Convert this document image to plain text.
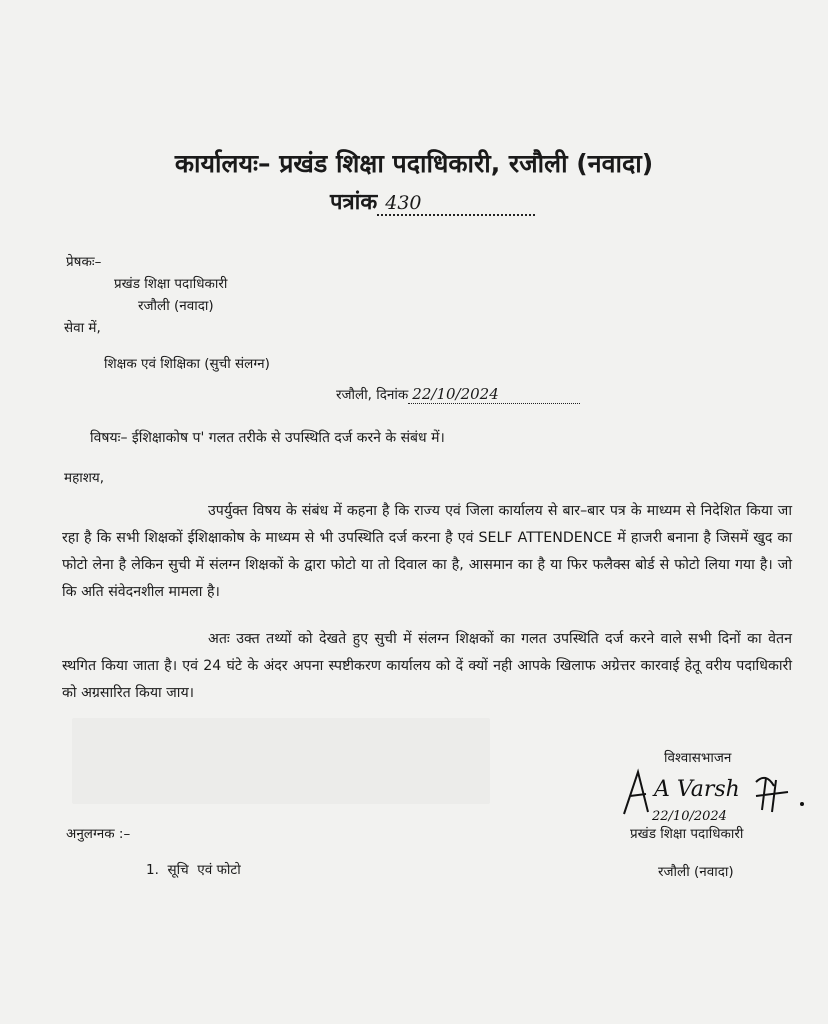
कार्यालयः– प्रखंड शिक्षा पदाधिकारी, रजौली (नवादा)
पत्रांक 430
प्रेषकः–
प्रखंड शिक्षा पदाधिकारी
रजौली (नवादा)
सेवा में,
शिक्षक एवं शिक्षिका (सुची संलग्न)
रजौली, दिनांक 22/10/2024
विषयः– ईशिक्षाकोष प' गलत तरीके से उपस्थिति दर्ज करने के संबंध में।
महाशय,
उपर्युक्त विषय के संबंध में कहना है कि राज्य एवं जिला कार्यालय से बार–बार पत्र के माध्यम से निदेशित किया जा रहा है कि सभी शिक्षकों ईशिक्षाकोष के माध्यम से भी उपस्थिति दर्ज करना है एवं SELF ATTENDENCE में हाजरी बनाना है जिसमें खुद का फोटो लेना है लेकिन सुची में संलग्न शिक्षकों के द्वारा फोटो या तो दिवाल का है, आसमान का है या फिर फलैक्स बोर्ड से फोटो लिया गया है। जो कि अति संवेदनशील मामला है।
अतः उक्त तथ्यों को देखते हुए सुची में संलग्न शिक्षकों का गलत उपस्थिति दर्ज करने वाले सभी दिनों का वेतन स्थगित किया जाता है। एवं 24 घंटे के अंदर अपना स्पष्टीकरण कार्यालय को दें क्यों नही आपके खिलाफ अग्रेत्तर कारवाई हेतू वरीय पदाधिकारी को अग्रसारित किया जाय।
विश्वासभाजन
A Varsh
22/10/2024
प्रखंड शिक्षा पदाधिकारी
रजौली (नवादा)
अनुलग्नक :–
1.  सूचि  एवं फोटो
